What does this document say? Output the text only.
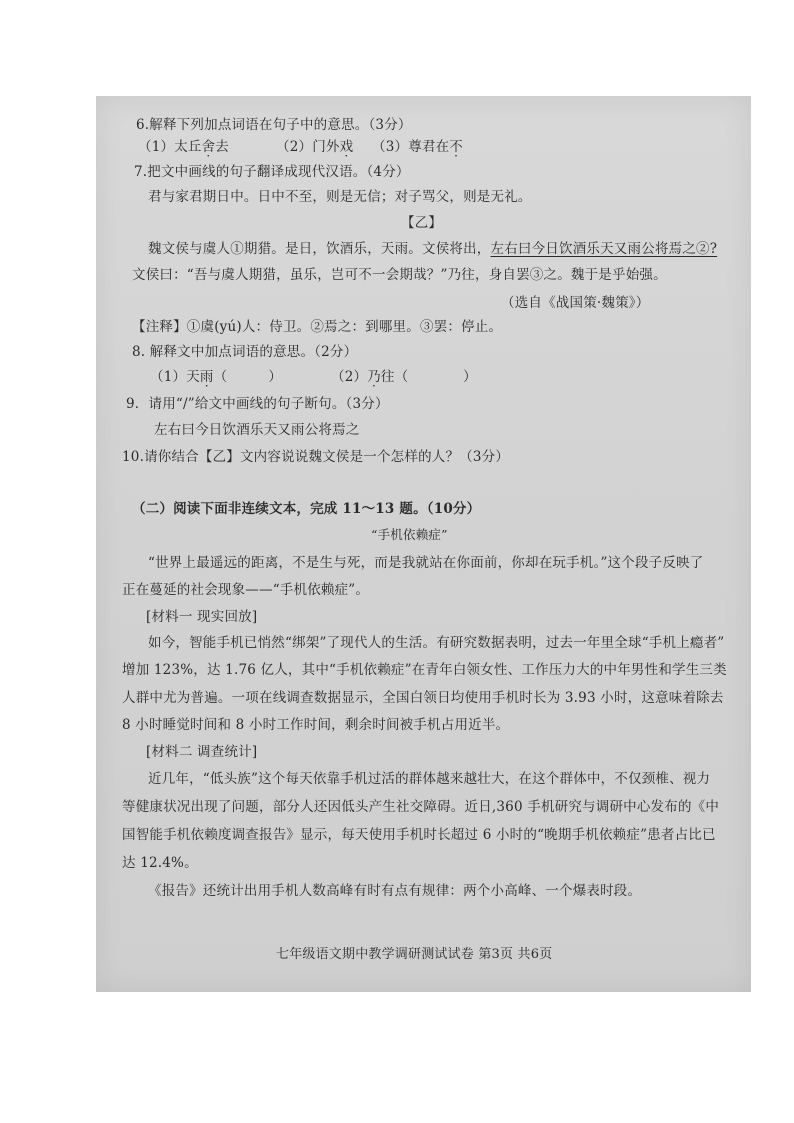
6.解释下列加点词语在句子中的意思。（3分）
（1）太丘舍去	（2）门外戏 （3）尊君在不
7.把文中画线的句子翻译成现代汉语。（4分）
君与家君期日中。日中不至，则是无信；对子骂父，则是无礼。
【乙】
魏文侯与虞人①期猎。是日，饮酒乐，天雨。文侯将出，左右曰今日饮酒乐天又雨公将焉之②?
文侯曰：“吾与虞人期猎，虽乐，岂可不一会期哉？”乃往，身自罢③之。魏于是乎始强。
（选自《战国策·魏策》）
【注释】①虞(yú)人：侍卫。②焉之：到哪里。③罢：停止。
8. 解释文中加点词语的意思。（2分）
（1）天雨（　　　）	（2）乃往（　　　　）
9．请用“/”给文中画线的句子断句。（3分）
左右曰今日饮酒乐天又雨公将焉之
10.请你结合【乙】文内容说说魏文侯是一个怎样的人？（3分）
（二）阅读下面非连续文本，完成 11～13 题。（10分）
“手机依赖症”
“世界上最遥远的距离，不是生与死，而是我就站在你面前，你却在玩手机。”这个段子反映了
正在蔓延的社会现象——“手机依赖症”。
[材料一 现实回放]
如今，智能手机已悄然“绑架”了现代人的生活。有研究数据表明，过去一年里全球“手机上瘾者”
增加 123%，达 1.76 亿人，其中“手机依赖症”在青年白领女性、工作压力大的中年男性和学生三类
人群中尤为普遍。一项在线调查数据显示，全国白领日均使用手机时长为 3.93 小时，这意味着除去
8 小时睡觉时间和 8 小时工作时间，剩余时间被手机占用近半。
[材料二 调查统计]
近几年，“低头族”这个每天依靠手机过活的群体越来越壮大，在这个群体中，不仅颈椎、视力
等健康状况出现了问题，部分人还因低头产生社交障碍。近日,360 手机研究与调研中心发布的《中
国智能手机依赖度调查报告》显示，每天使用手机时长超过 6 小时的“晚期手机依赖症”患者占比已
达 12.4%。
《报告》还统计出用手机人数高峰有时有点有规律：两个小高峰、一个爆表时段。
七年级语文期中教学调研测试试卷 第3页 共6页
